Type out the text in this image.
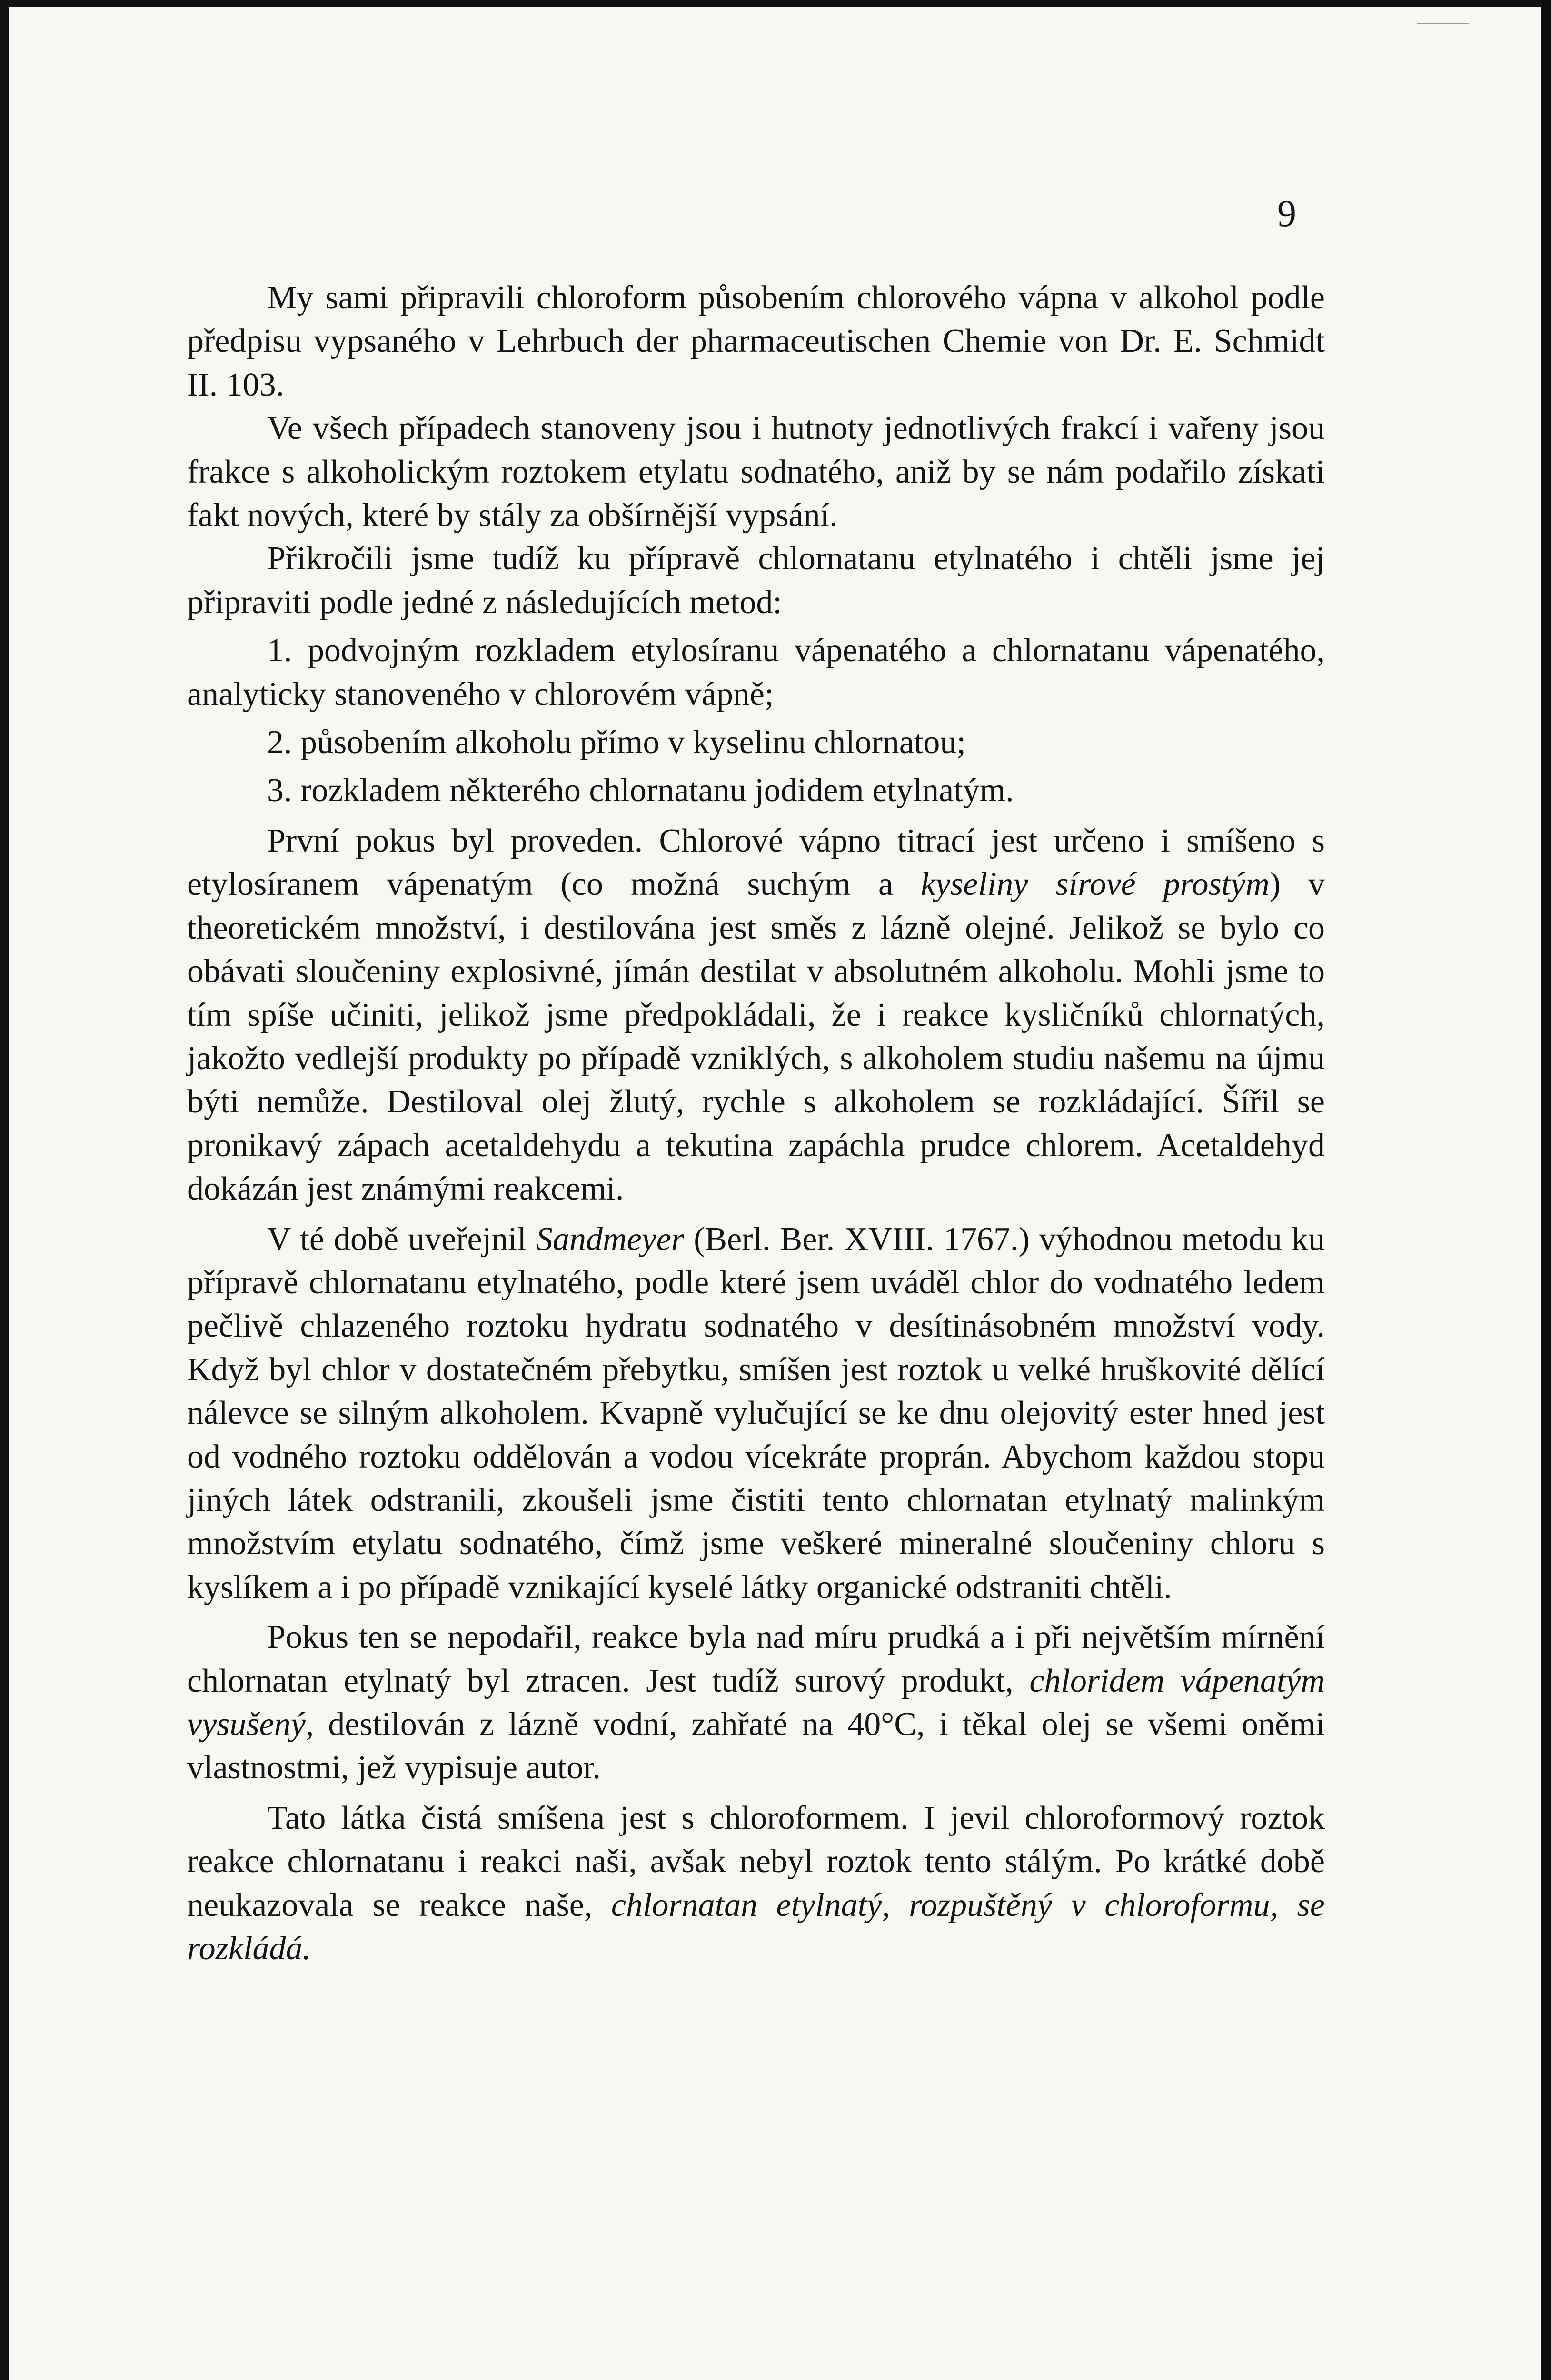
9

My sami připravili chloroform působením chlorového vápna v alkohol podle předpisu vypsaného v Lehrbuch der pharmaceutischen Chemie von Dr. E. Schmidt II. 103.

Ve všech případech stanoveny jsou i hutnoty jednotlivých frakcí i vařeny jsou frakce s alkoholickým roztokem etylatu sodnatého, aniž by se nám podařilo získati fakt nových, které by stály za obšírnější vypsání.

Přikročili jsme tudíž ku přípravě chlornatanu etylnatého i chtěli jsme jej připraviti podle jedné z následujících metod:

1. podvojným rozkladem etylosíranu vápenatého a chlornatanu vápenatého, analyticky stanoveného v chlorovém vápně;

2. působením alkoholu přímo v kyselinu chlornatou;

3. rozkladem některého chlornatanu jodidem etylnatým.

První pokus byl proveden. Chlorové vápno titrací jest určeno i smíšeno s etylosíranem vápenatým (co možná suchým a kyseliny sírové prostým) v theoretickém množství, i destilována jest směs z lázně olejné. Jelikož se bylo co obávati sloučeniny explosivné, jímán destilat v absolutném alkoholu. Mohli jsme to tím spíše učiniti, jelikož jsme předpokládali, že i reakce kysličníků chlornatých, jakožto vedlejší produkty po případě vzniklých, s alkoholem studiu našemu na újmu býti nemůže. Destiloval olej žlutý, rychle s alkoholem se rozkládající. Šířil se pronikavý zápach acetaldehydu a tekutina zapáchla prudce chlorem. Acetaldehyd dokázán jest známými reakcemi.

V té době uveřejnil Sandmeyer (Berl. Ber. XVIII. 1767.) výhodnou metodu ku přípravě chlornatanu etylnatého, podle které jsem uváděl chlor do vodnatého ledem pečlivě chlazeného roztoku hydratu sodnatého v desítinásobném množství vody. Když byl chlor v dostatečném přebytku, smíšen jest roztok u velké hruškovité dělící nálevce se silným alkoholem. Kvapně vylučující se ke dnu olejovitý ester hned jest od vodného roztoku oddělován a vodou vícekráte proprán. Abychom každou stopu jiných látek odstranili, zkoušeli jsme čistiti tento chlornatan etylnatý malinkým množstvím etylatu sodnatého, čímž jsme veškeré mineralné sloučeniny chloru s kyslíkem a i po případě vznikající kyselé látky organické odstraniti chtěli.

Pokus ten se nepodařil, reakce byla nad míru prudká a i při největším mírnění chlornatan etylnatý byl ztracen. Jest tudíž surový produkt, chloridem vápenatým vysušený, destilován z lázně vodní, zahřaté na 40°C, i těkal olej se všemi oněmi vlastnostmi, jež vypisuje autor.

Tato látka čistá smíšena jest s chloroformem. I jevil chloroformový roztok reakce chlornatanu i reakci naši, avšak nebyl roztok tento stálým. Po krátké době neukazovala se reakce naše, chlornatan etylnatý, rozpuštěný v chloroformu, se rozkládá.
